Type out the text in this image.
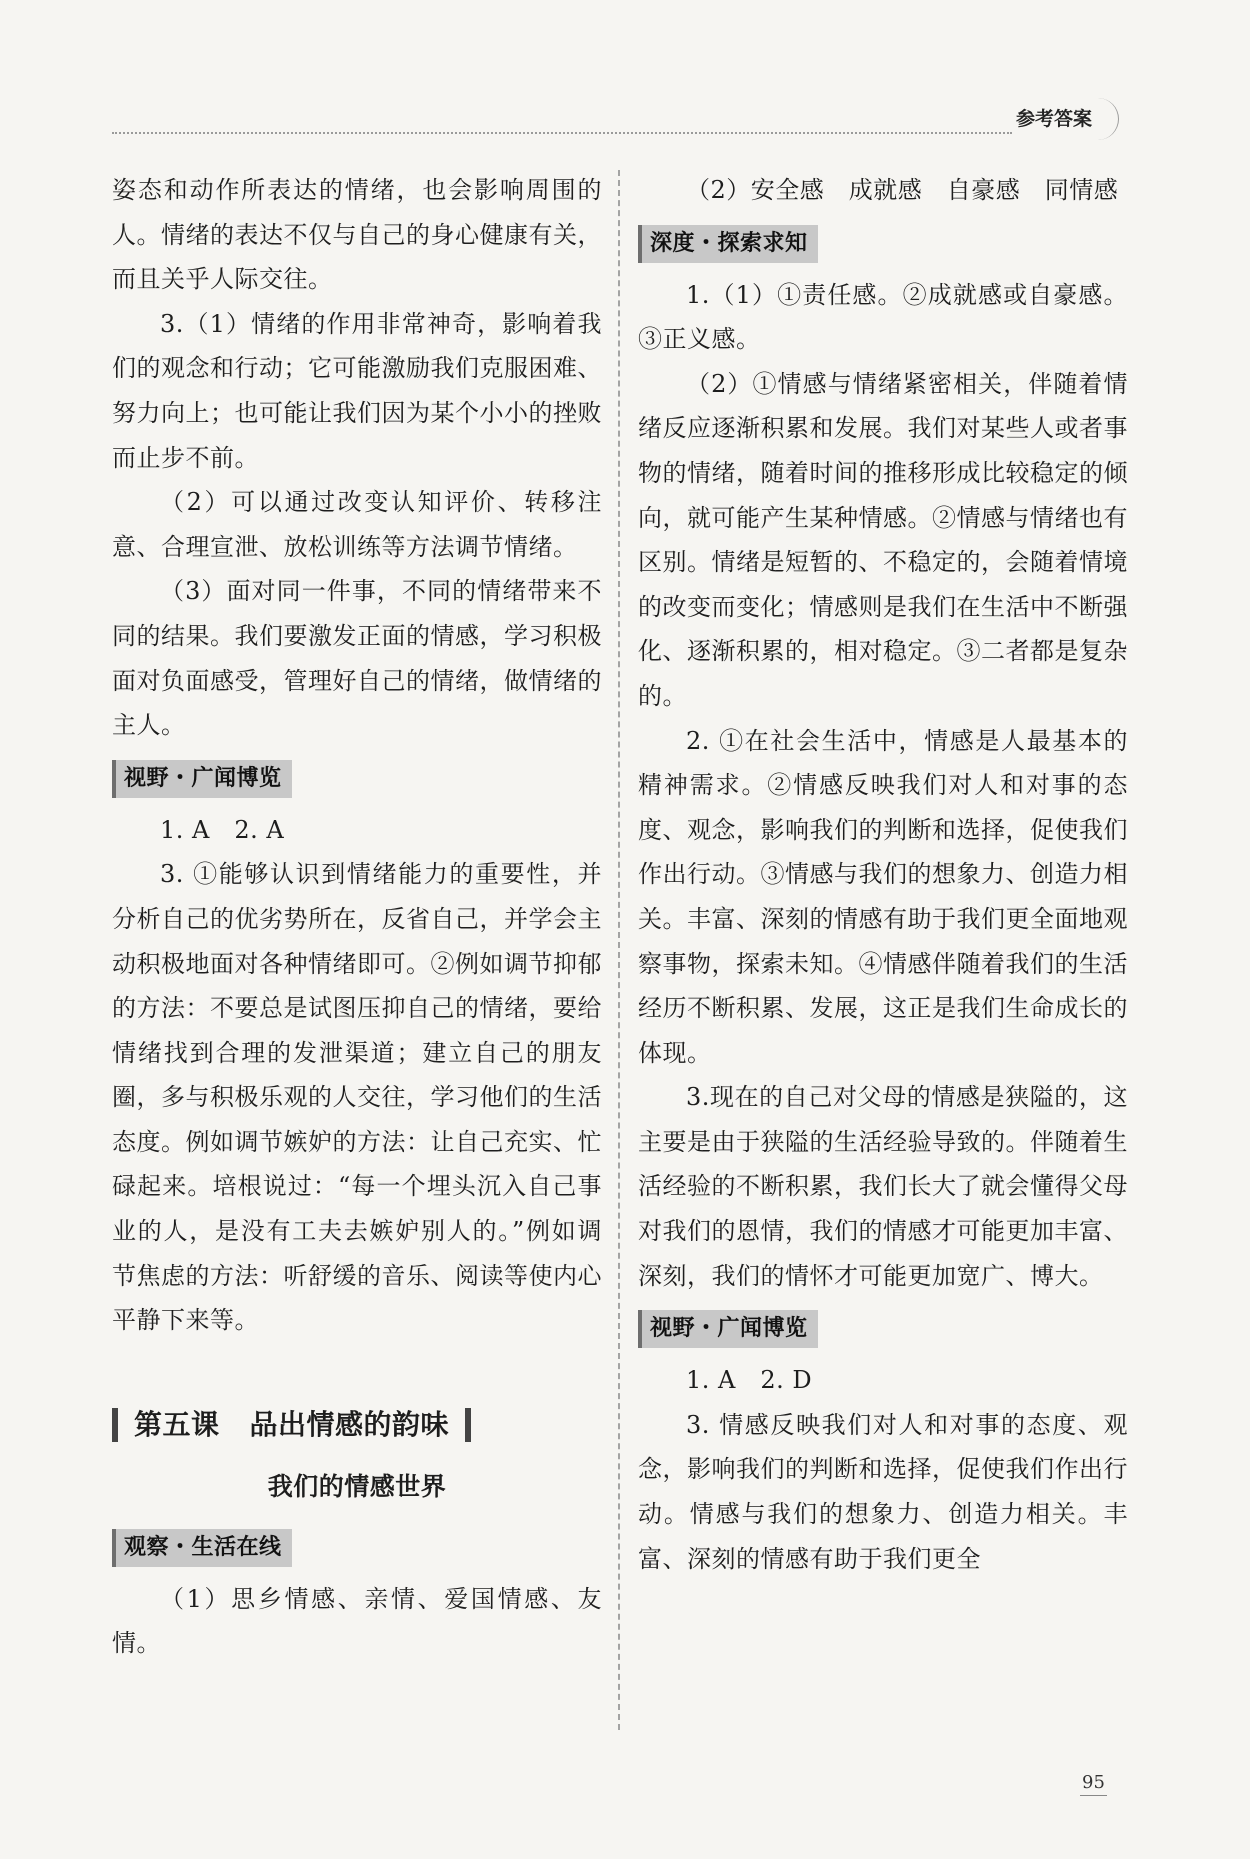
参考答案

姿态和动作所表达的情绪，也会影响周围的人。情绪的表达不仅与自己的身心健康有关，而且关乎人际交往。

3.（1）情绪的作用非常神奇，影响着我们的观念和行动；它可能激励我们克服困难、努力向上；也可能让我们因为某个小小的挫败而止步不前。

（2）可以通过改变认知评价、转移注意、合理宣泄、放松训练等方法调节情绪。

（3）面对同一件事，不同的情绪带来不同的结果。我们要激发正面的情感，学习积极面对负面感受，管理好自己的情绪，做情绪的主人。

视野・广闻博览

1. A　2. A

3. ①能够认识到情绪能力的重要性，并分析自己的优劣势所在，反省自己，并学会主动积极地面对各种情绪即可。②例如调节抑郁的方法：不要总是试图压抑自己的情绪，要给情绪找到合理的发泄渠道；建立自己的朋友圈，多与积极乐观的人交往，学习他们的生活态度。例如调节嫉妒的方法：让自己充实、忙碌起来。培根说过：“每一个埋头沉入自己事业的人，是没有工夫去嫉妒别人的。”例如调节焦虑的方法：听舒缓的音乐、阅读等使内心平静下来等。

第五课 品出情感的韵味
我们的情感世界
观察・生活在线

（1）思乡情感、亲情、爱国情感、友情。

（2）安全感　成就感　自豪感　同情感

深度・探索求知

1.（1）①责任感。②成就感或自豪感。③正义感。

（2）①情感与情绪紧密相关，伴随着情绪反应逐渐积累和发展。我们对某些人或者事物的情绪，随着时间的推移形成比较稳定的倾向，就可能产生某种情感。②情感与情绪也有区别。情绪是短暂的、不稳定的，会随着情境的改变而变化；情感则是我们在生活中不断强化、逐渐积累的，相对稳定。③二者都是复杂的。

2. ①在社会生活中，情感是人最基本的精神需求。②情感反映我们对人和对事的态度、观念，影响我们的判断和选择，促使我们作出行动。③情感与我们的想象力、创造力相关。丰富、深刻的情感有助于我们更全面地观察事物，探索未知。④情感伴随着我们的生活经历不断积累、发展，这正是我们生命成长的体现。

3.现在的自己对父母的情感是狭隘的，这主要是由于狭隘的生活经验导致的。伴随着生活经验的不断积累，我们长大了就会懂得父母对我们的恩情，我们的情感才可能更加丰富、深刻，我们的情怀才可能更加宽广、博大。

视野・广闻博览

1. A　2. D

3. 情感反映我们对人和对事的态度、观念，影响我们的判断和选择，促使我们作出行动。情感与我们的想象力、创造力相关。丰富、深刻的情感有助于我们更全

95
